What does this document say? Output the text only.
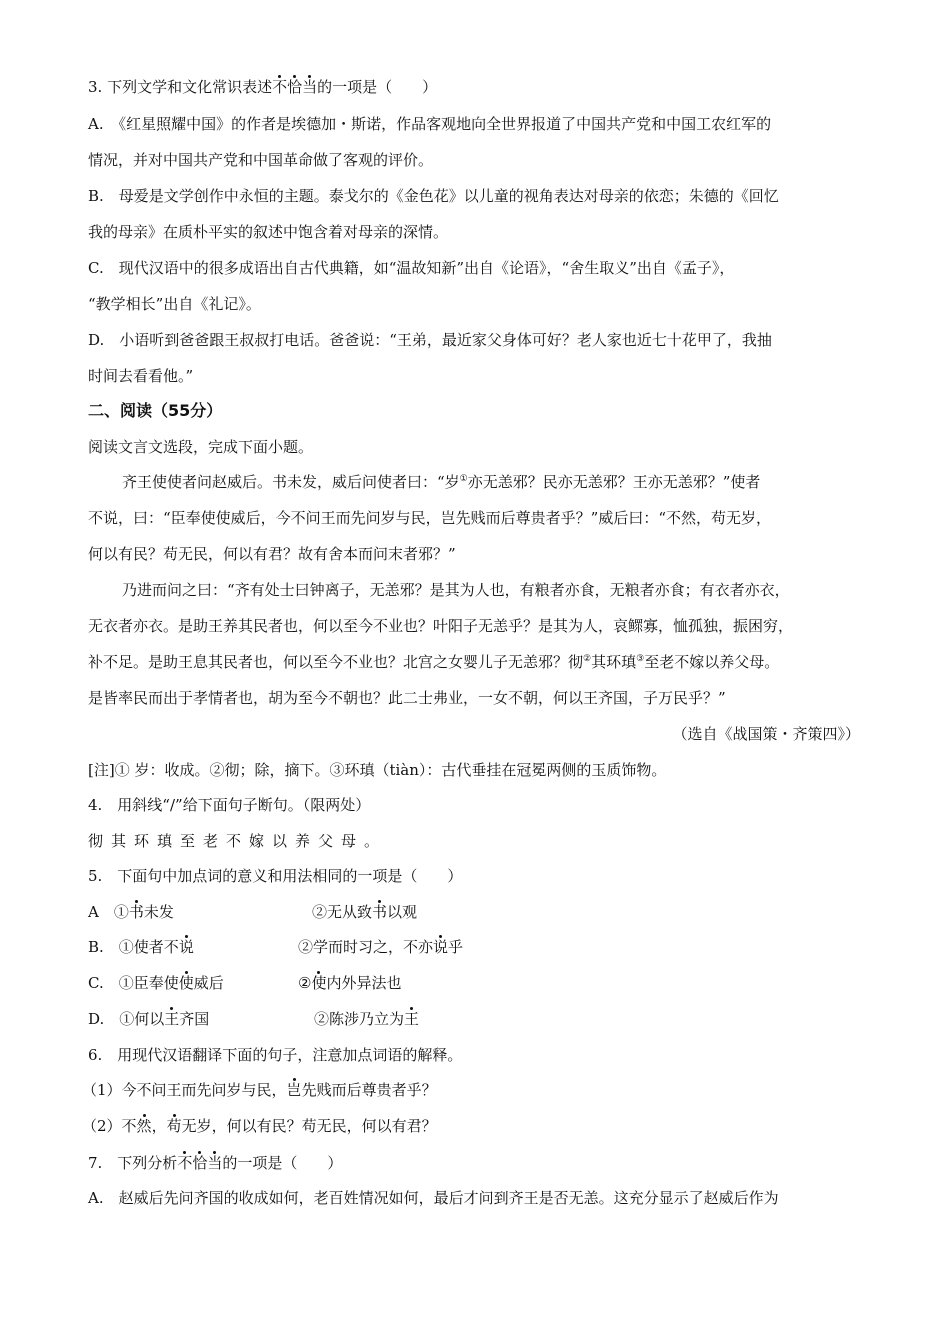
3. 下列文学和文化常识表述不恰当的一项是（　　）
A.　《红星照耀中国》的作者是埃德加・斯诺，作品客观地向全世界报道了中国共产党和中国工农红军的
情况，并对中国共产党和中国革命做了客观的评价。
B.　母爱是文学创作中永恒的主题。泰戈尔的《金色花》以儿童的视角表达对母亲的依恋；朱德的《回忆
我的母亲》在质朴平实的叙述中饱含着对母亲的深情。
C.　现代汉语中的很多成语出自古代典籍，如“温故知新”出自《论语》，“舍生取义”出自《孟子》，
“教学相长”出自《礼记》。
D.　小语听到爸爸跟王叔叔打电话。爸爸说：“王弟，最近家父身体可好？老人家也近七十花甲了，我抽
时间去看看他。”
二、阅读（55分）
阅读文言文选段，完成下面小题。
齐王使使者问赵威后。书未发，威后问使者曰：“岁①亦无恙邪？民亦无恙邪？王亦无恙邪？”使者
不说，曰：“臣奉使使威后，今不问王而先问岁与民，岂先贱而后尊贵者乎？”威后曰：“不然，苟无岁，
何以有民？苟无民，何以有君？故有舍本而问末者邪？”
乃进而问之曰：“齐有处士曰钟离子，无恙邪？是其为人也，有粮者亦食，无粮者亦食；有衣者亦衣，
无衣者亦衣。是助王养其民者也，何以至今不业也？叶阳子无恙乎？是其为人，哀鳏寡，恤孤独，振困穷，
补不足。是助王息其民者也，何以至今不业也？北宫之女婴儿子无恙邪？彻②其环瑱③至老不嫁以养父母。
是皆率民而出于孝情者也，胡为至今不朝也？此二士弗业，一女不朝，何以王齐国，子万民乎？”
（选自《战国策・齐策四》）
[注]① 岁：收成。②彻；除，摘下。③环瑱（tiàn）：古代垂挂在冠冕两侧的玉质饰物。
4.　用斜线“/”给下面句子断句。（限两处）
彻其环瑱至老不嫁以养父母。
5.　下面句中加点词的意义和用法相同的一项是（　　）
A　①书未发	②无从致书以观
B.　①使者不说	②学而时习之，不亦说乎
C.　①臣奉使使威后	②使内外异法也
D.　①何以王齐国	②陈涉乃立为王
6.　用现代汉语翻译下面的句子，注意加点词语的解释。
（1）今不问王而先问岁与民，岂先贱而后尊贵者乎？
（2）不然，苟无岁，何以有民？苟无民，何以有君？
7.　下列分析不恰当的一项是（　　）
A.　赵威后先问齐国的收成如何，老百姓情况如何，最后才问到齐王是否无恙。这充分显示了赵威后作为
